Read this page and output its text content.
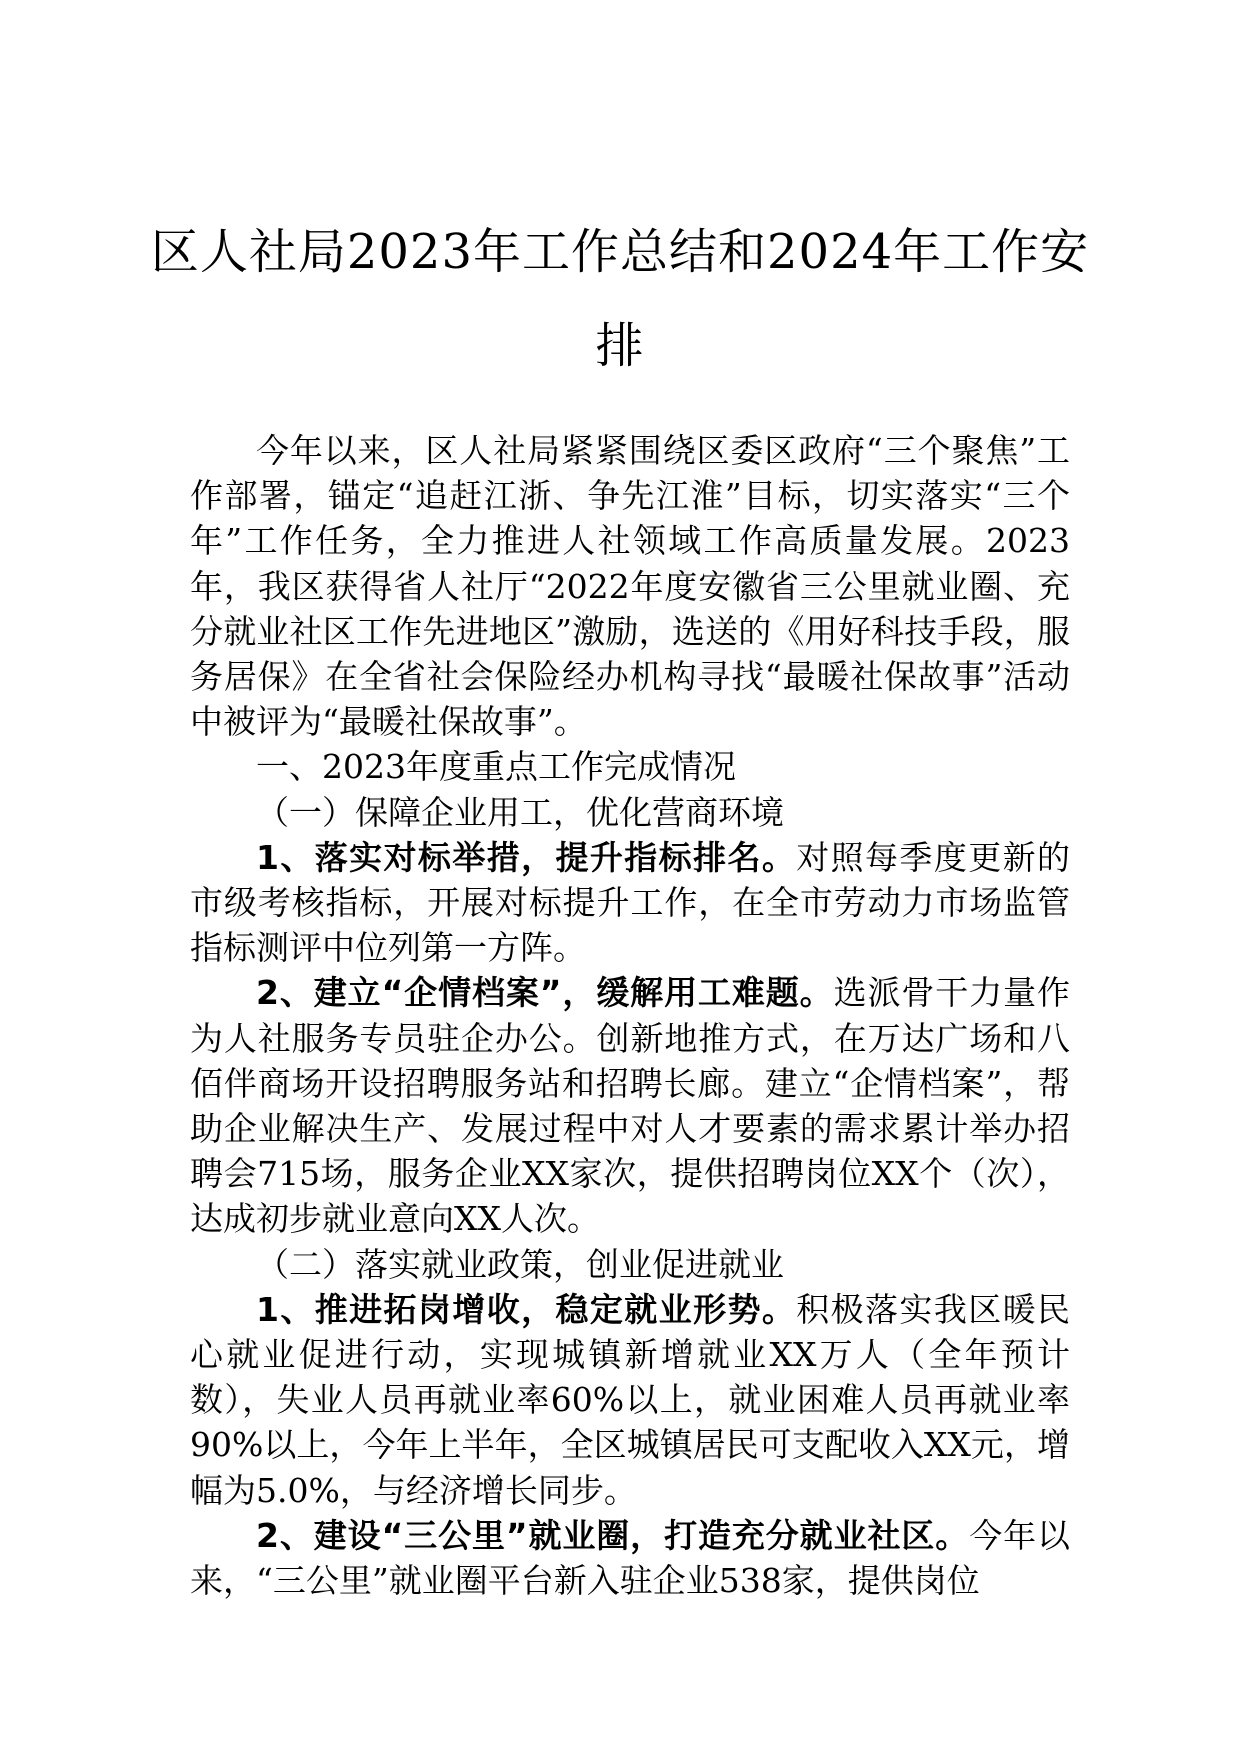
区人社局2023年工作总结和2024年工作安排

今年以来，区人社局紧紧围绕区委区政府“三个聚焦”工作部署，锚定“追赶江浙、争先江淮”目标，切实落实“三个年”工作任务，全力推进人社领域工作高质量发展。2023年，我区获得省人社厅“2022年度安徽省三公里就业圈、充分就业社区工作先进地区”激励，选送的《用好科技手段，服务居保》在全省社会保险经办机构寻找“最暖社保故事”活动中被评为“最暖社保故事”。

一、2023年度重点工作完成情况

（一）保障企业用工，优化营商环境

1、落实对标举措，提升指标排名。对照每季度更新的市级考核指标，开展对标提升工作，在全市劳动力市场监管指标测评中位列第一方阵。

2、建立“企情档案”，缓解用工难题。选派骨干力量作为人社服务专员驻企办公。创新地推方式，在万达广场和八佰伴商场开设招聘服务站和招聘长廊。建立“企情档案”，帮助企业解决生产、发展过程中对人才要素的需求累计举办招聘会715场，服务企业XX家次，提供招聘岗位XX个（次），达成初步就业意向XX人次。

（二）落实就业政策，创业促进就业

1、推进拓岗增收，稳定就业形势。积极落实我区暖民心就业促进行动，实现城镇新增就业XX万人（全年预计数），失业人员再就业率60%以上，就业困难人员再就业率90%以上，今年上半年，全区城镇居民可支配收入XX元，增幅为5.0%，与经济增长同步。

2、建设“三公里”就业圈，打造充分就业社区。今年以来，“三公里”就业圈平台新入驻企业538家，提供岗位
